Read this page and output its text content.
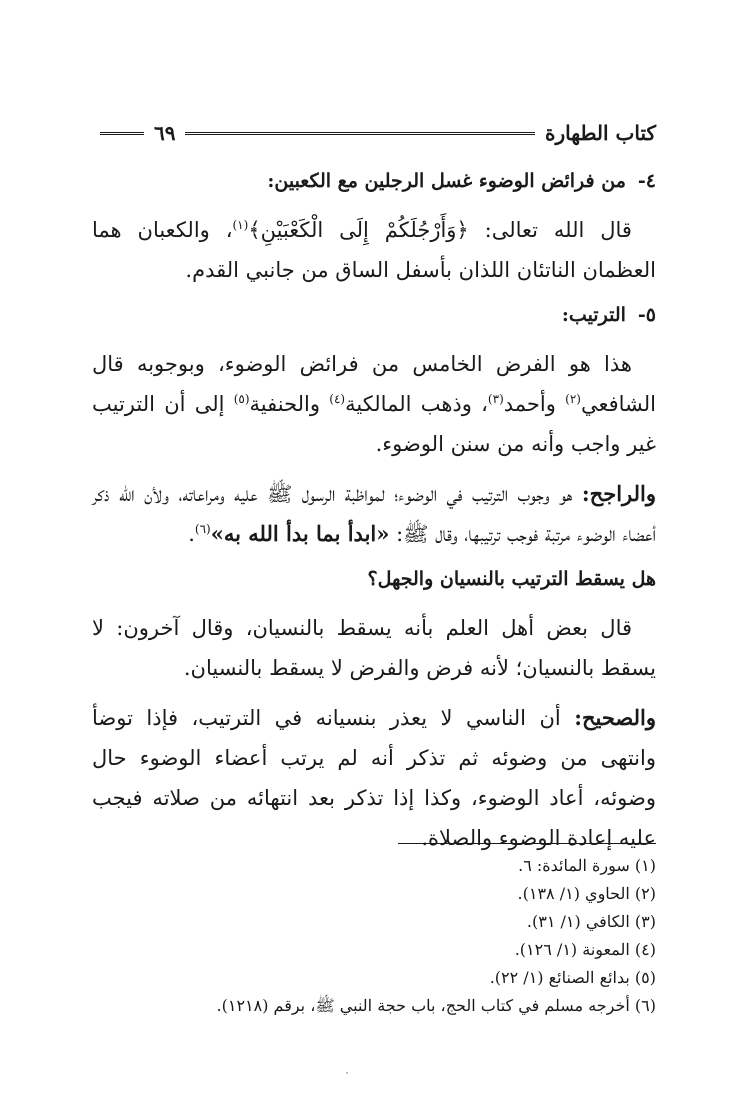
كتاب الطهارة
٦٩
٤-من فرائض الوضوء غسل الرجلين مع الكعبين:

قال الله تعالى: ﴿وَأَرْجُلَكُمْ إِلَى الْكَعْبَيْنِ﴾$^{(١)}$، والكعبان هما العظمان الناتئان اللذان بأسفل الساق من جانبي القدم.

٥-الترتيب:

هذا هو الفرض الخامس من فرائض الوضوء، وبوجوبه قال الشافعي$^{(٢)}$ وأحمد$^{(٣)}$، وذهب المالكية$^{(٤)}$ والحنفية$^{(٥)}$ إلى أن الترتيب غير واجب وأنه من سنن الوضوء.

والراجح: هو وجوب الترتيب في الوضوء؛ لمواظبة الرسول ﷺ عليه ومراعاته، ولأن الله ذكر أعضاء الوضوء مرتبة فوجب ترتيبها، وقال ﷺ: «ابدأ بما بدأ الله به»$^{(٦)}$.

هل يسقط الترتيب بالنسيان والجهل؟

قال بعض أهل العلم بأنه يسقط بالنسيان، وقال آخرون: لا يسقط بالنسيان؛ لأنه فرض والفرض لا يسقط بالنسيان.

والصحيح: أن الناسي لا يعذر بنسيانه في الترتيب، فإذا توضأ وانتهى من وضوئه ثم تذكر أنه لم يرتب أعضاء الوضوء حال وضوئه، أعاد الوضوء، وكذا إذا تذكر بعد انتهائه من صلاته فيجب عليه إعادة الوضوء والصلاة.

(١) سورة المائدة: ٦.
(٢) الحاوي (١/ ١٣٨).
(٣) الكافي (١/ ٣١).
(٤) المعونة (١/ ١٢٦).
(٥) بدائع الصنائع (١/ ٢٢).
(٦) أخرجه مسلم في كتاب الحج، باب حجة النبي ﷺ، برقم (١٢١٨).
٠
